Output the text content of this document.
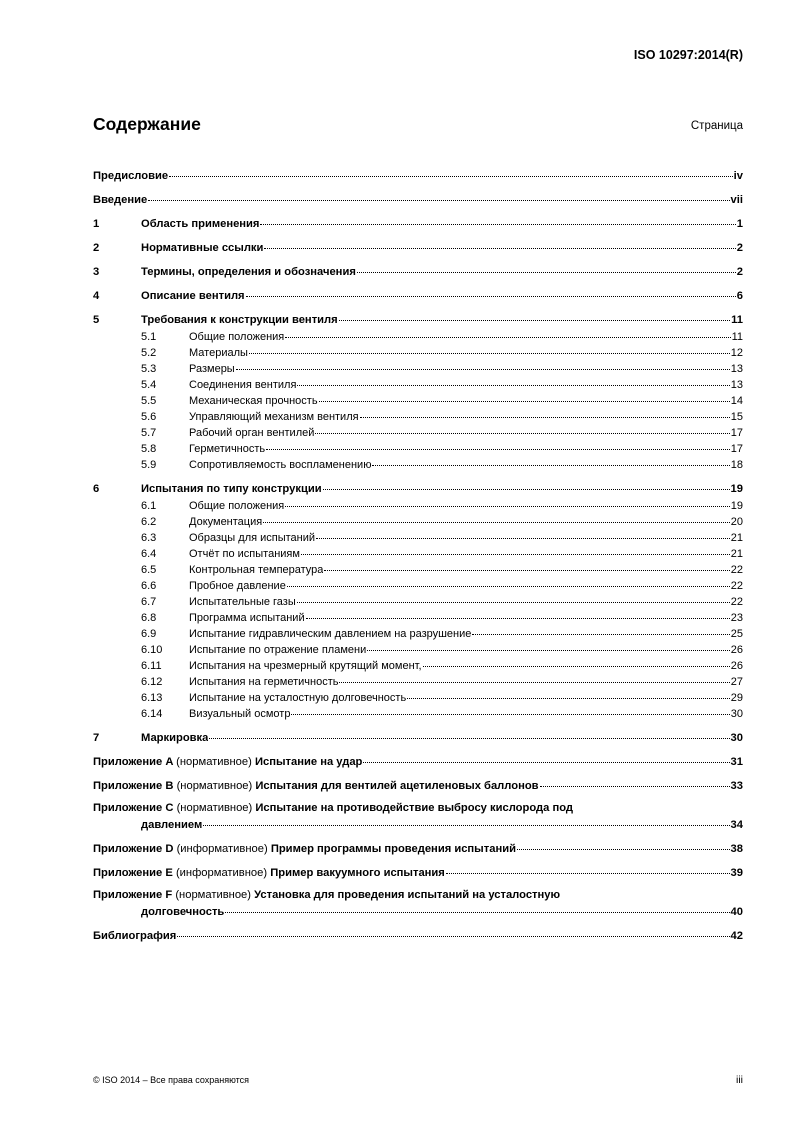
ISO 10297:2014(R)
Содержание	Страница
Предисловие	iv
Введение	vii
1	Область применения	1
2	Нормативные ссылки	2
3	Термины, определения и обозначения	2
4	Описание вентиля	6
5	Требования к конструкции вентиля	11
5.1	Общие положения	11
5.2	Материалы	12
5.3	Размеры	13
5.4	Соединения вентиля	13
5.5	Механическая прочность	14
5.6	Управляющий механизм вентиля	15
5.7	Рабочий орган вентилей	17
5.8	Герметичность	17
5.9	Сопротивляемость воспламенению	18
6	Испытания по типу конструкции	19
6.1	Общие положения	19
6.2	Документация	20
6.3	Образцы для испытаний	21
6.4	Отчёт по испытаниям	21
6.5	Контрольная температура	22
6.6	Пробное давление	22
6.7	Испытательные газы	22
6.8	Программа испытаний	23
6.9	Испытание гидравлическим давлением на разрушение	25
6.10	Испытание по отражение пламени	26
6.11	Испытания на чрезмерный крутящий момент,	26
6.12	Испытания на герметичность	27
6.13	Испытание на усталостную долговечность	29
6.14	Визуальный осмотр	30
7	Маркировка	30
Приложение A (нормативное) Испытание на удар	31
Приложение B (нормативное) Испытания для вентилей ацетиленовых баллонов	33
Приложение C (нормативное) Испытание на противодействие выбросу кислорода под
давлением	34
Приложение D (информативное) Пример программы проведения испытаний	38
Приложение E (информативное) Пример вакуумного испытания	39
Приложение F (нормативное) Установка для проведения испытаний на усталостную
долговечность	40
Библиография	42
© ISO 2014 – Все права сохраняются	iii
